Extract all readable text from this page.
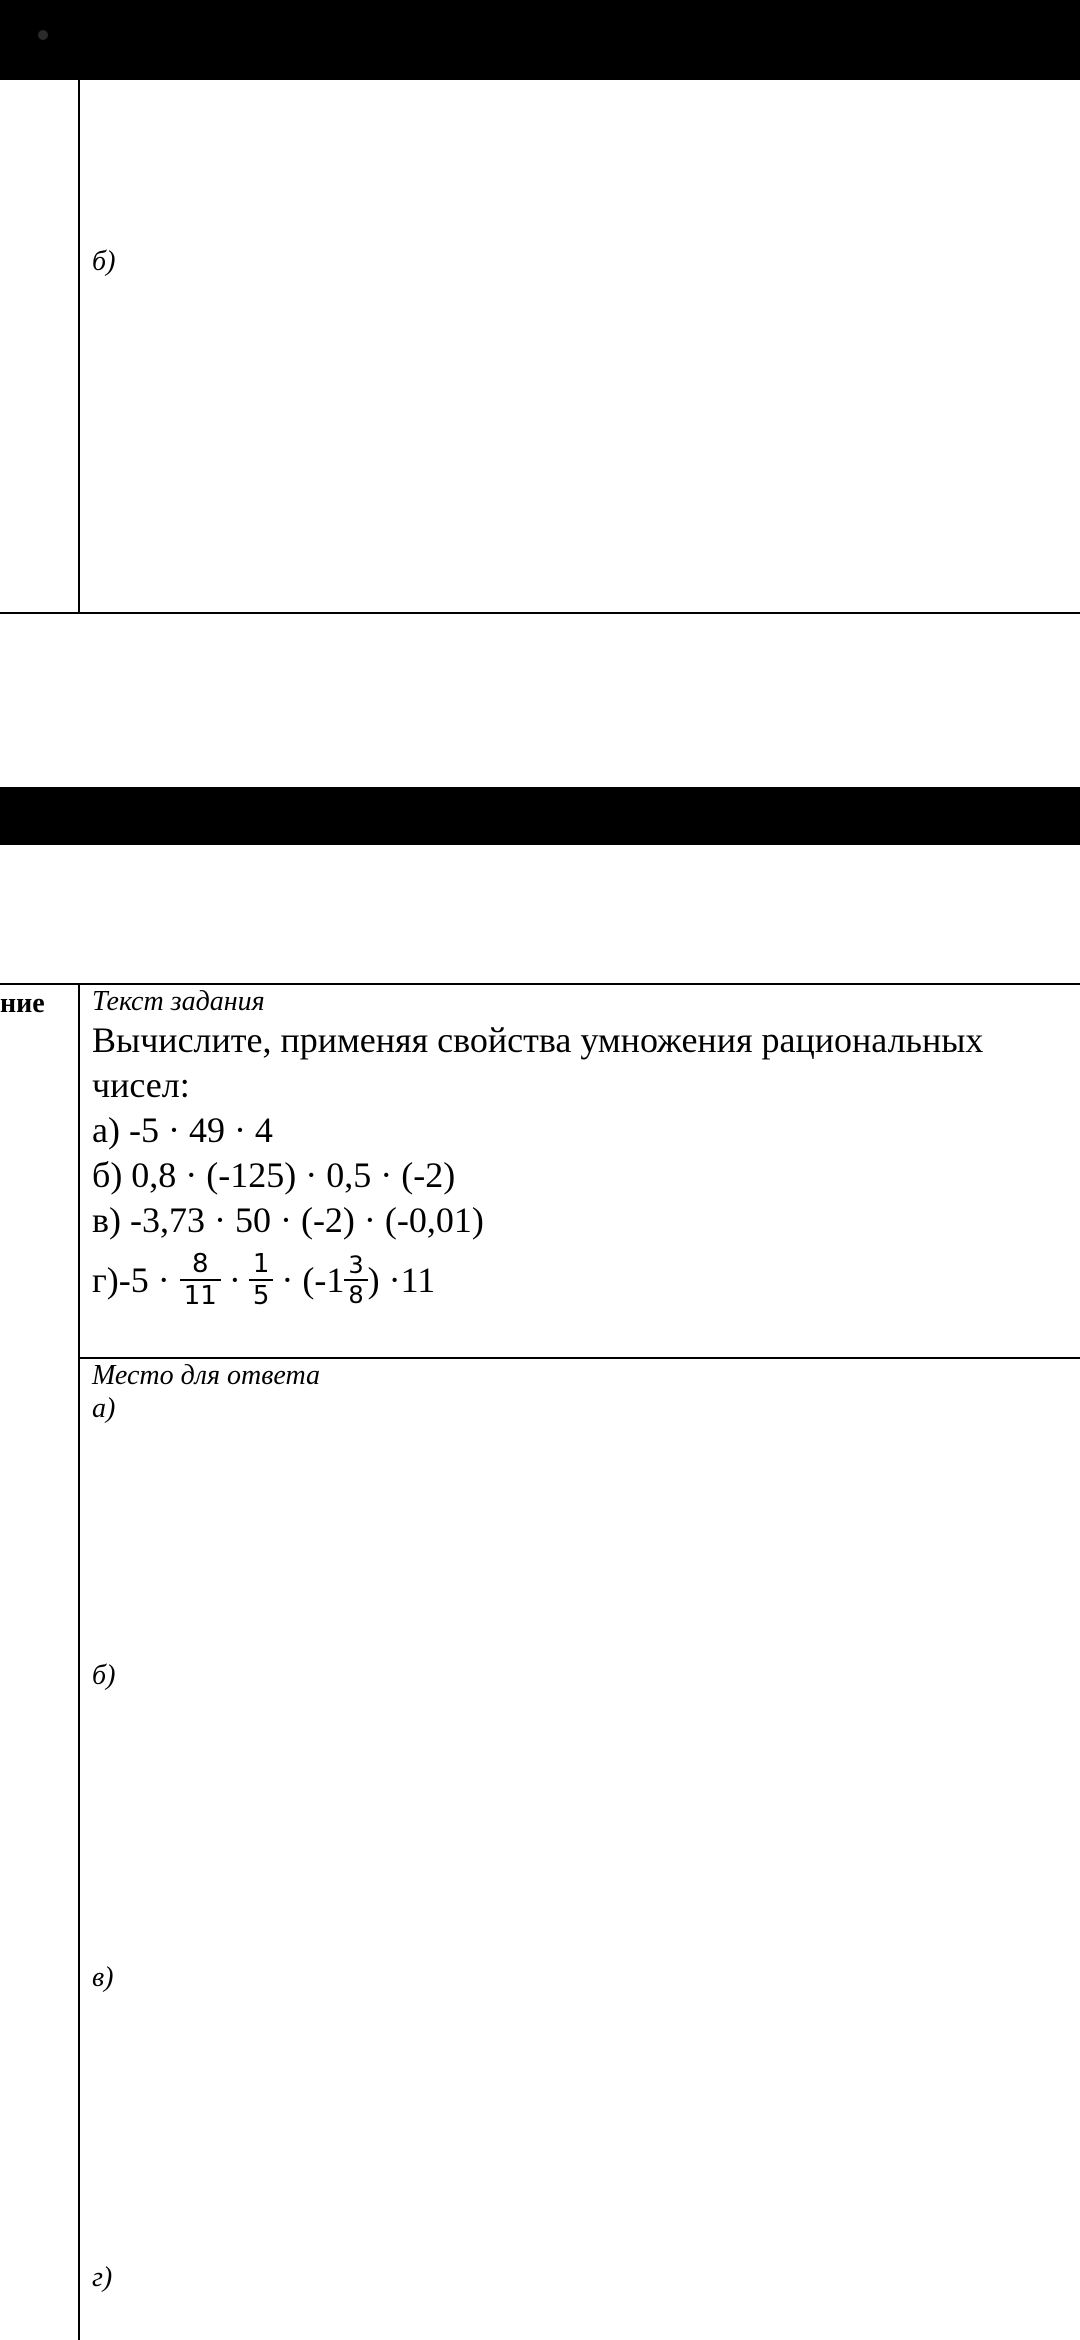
б)
ние Текст задания
Вычислите, применяя свойства умножения рациональных
чисел:
а) -5 · 49 · 4
б) 0,8 · (-125) · 0,5 · (-2)
в) -3,73 · 50 · (-2) · (-0,01)
$г)-5 \cdot \frac{8}{11} \cdot \frac{1}{5} \cdot (-1 \frac{3}{8}$ ) ·11
Место для ответа
а)
б)
в)
г)
